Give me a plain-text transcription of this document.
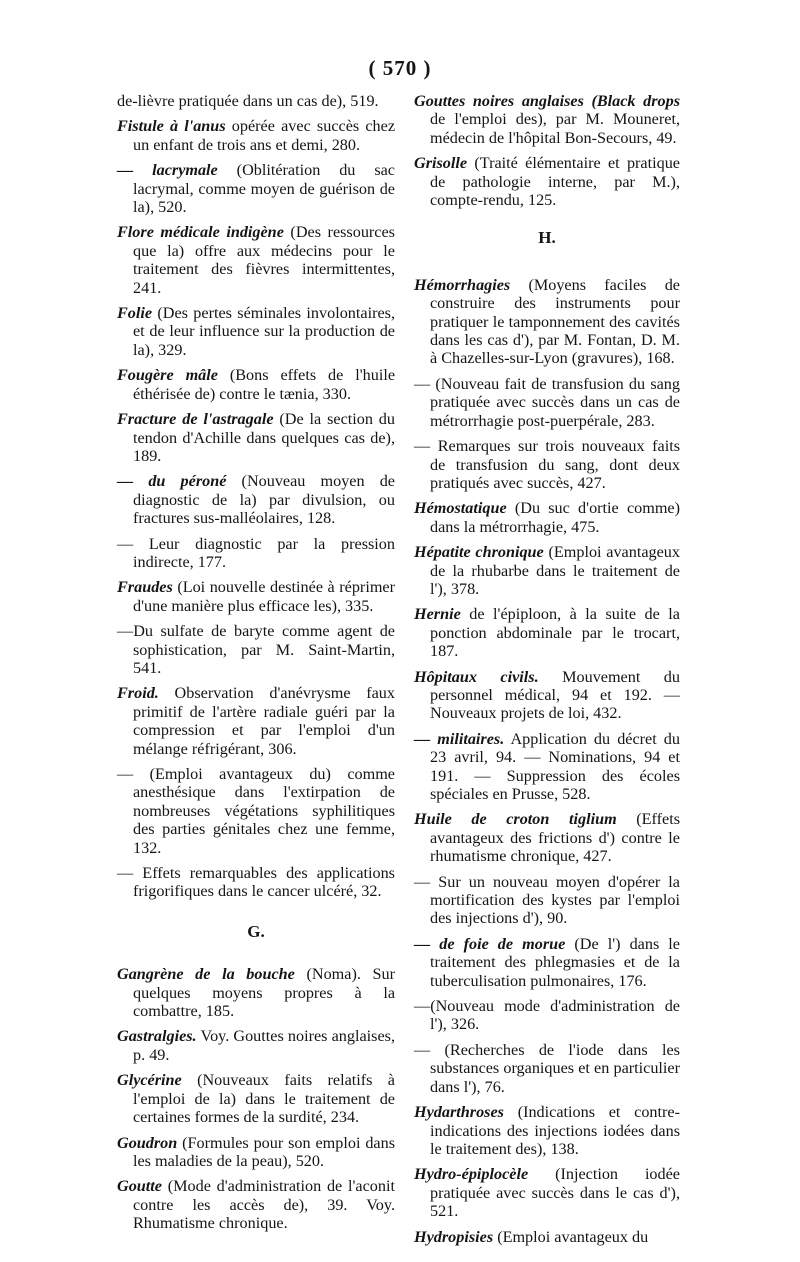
( 570 )

de-lièvre pratiquée dans un cas de), 519.

Fistule à l'anus opérée avec succès chez un enfant de trois ans et demi, 280.

— lacrymale (Oblitération du sac lacrymal, comme moyen de guérison de la), 520.

Flore médicale indigène (Des ressources que la) offre aux médecins pour le traitement des fièvres intermittentes, 241.

Folie (Des pertes séminales involontaires, et de leur influence sur la production de la), 329.

Fougère mâle (Bons effets de l'huile éthérisée de) contre le tænia, 330.

Fracture de l'astragale (De la section du tendon d'Achille dans quelques cas de), 189.

— du péroné (Nouveau moyen de diagnostic de la) par divulsion, ou fractures sus-malléolaires, 128.

— Leur diagnostic par la pression indirecte, 177.

Fraudes (Loi nouvelle destinée à réprimer d'une manière plus efficace les), 335.

—Du sulfate de baryte comme agent de sophistication, par M. Saint-Martin, 541.

Froid. Observation d'anévrysme faux primitif de l'artère radiale guéri par la compression et par l'emploi d'un mélange réfrigérant, 306.

— (Emploi avantageux du) comme anesthésique dans l'extirpation de nombreuses végétations syphilitiques des parties génitales chez une femme, 132.

— Effets remarquables des applications frigorifiques dans le cancer ulcéré, 32.

G.

Gangrène de la bouche (Noma). Sur quelques moyens propres à la combattre, 185.

Gastralgies. Voy. Gouttes noires anglaises, p. 49.

Glycérine (Nouveaux faits relatifs à l'emploi de la) dans le traitement de certaines formes de la surdité, 234.

Goudron (Formules pour son emploi dans les maladies de la peau), 520.

Goutte (Mode d'administration de l'aconit contre les accès de), 39. Voy. Rhumatisme chronique.

Gouttes noires anglaises (Black drops de l'emploi des), par M. Mouneret, médecin de l'hôpital Bon-Secours, 49.

Grisolle (Traité élémentaire et pratique de pathologie interne, par M.), compte-rendu, 125.

H.

Hémorrhagies (Moyens faciles de construire des instruments pour pratiquer le tamponnement des cavités dans les cas d'), par M. Fontan, D. M. à Chazelles-sur-Lyon (gravures), 168.

— (Nouveau fait de transfusion du sang pratiquée avec succès dans un cas de métrorrhagie post-puerpérale, 283.

— Remarques sur trois nouveaux faits de transfusion du sang, dont deux pratiqués avec succès, 427.

Hémostatique (Du suc d'ortie comme) dans la métrorrhagie, 475.

Hépatite chronique (Emploi avantageux de la rhubarbe dans le traitement de l'), 378.

Hernie de l'épiploon, à la suite de la ponction abdominale par le trocart, 187.

Hôpitaux civils. Mouvement du personnel médical, 94 et 192. — Nouveaux projets de loi, 432.

— militaires. Application du décret du 23 avril, 94. — Nominations, 94 et 191. — Suppression des écoles spéciales en Prusse, 528.

Huile de croton tiglium (Effets avantageux des frictions d') contre le rhumatisme chronique, 427.

— Sur un nouveau moyen d'opérer la mortification des kystes par l'emploi des injections d'), 90.

— de foie de morue (De l') dans le traitement des phlegmasies et de la tuberculisation pulmonaires, 176.

—(Nouveau mode d'administration de l'), 326.

— (Recherches de l'iode dans les substances organiques et en particulier dans l'), 76.

Hydarthroses (Indications et contre-indications des injections iodées dans le traitement des), 138.

Hydro-épiplocèle (Injection iodée pratiquée avec succès dans le cas d'), 521.

Hydropisies (Emploi avantageux du
